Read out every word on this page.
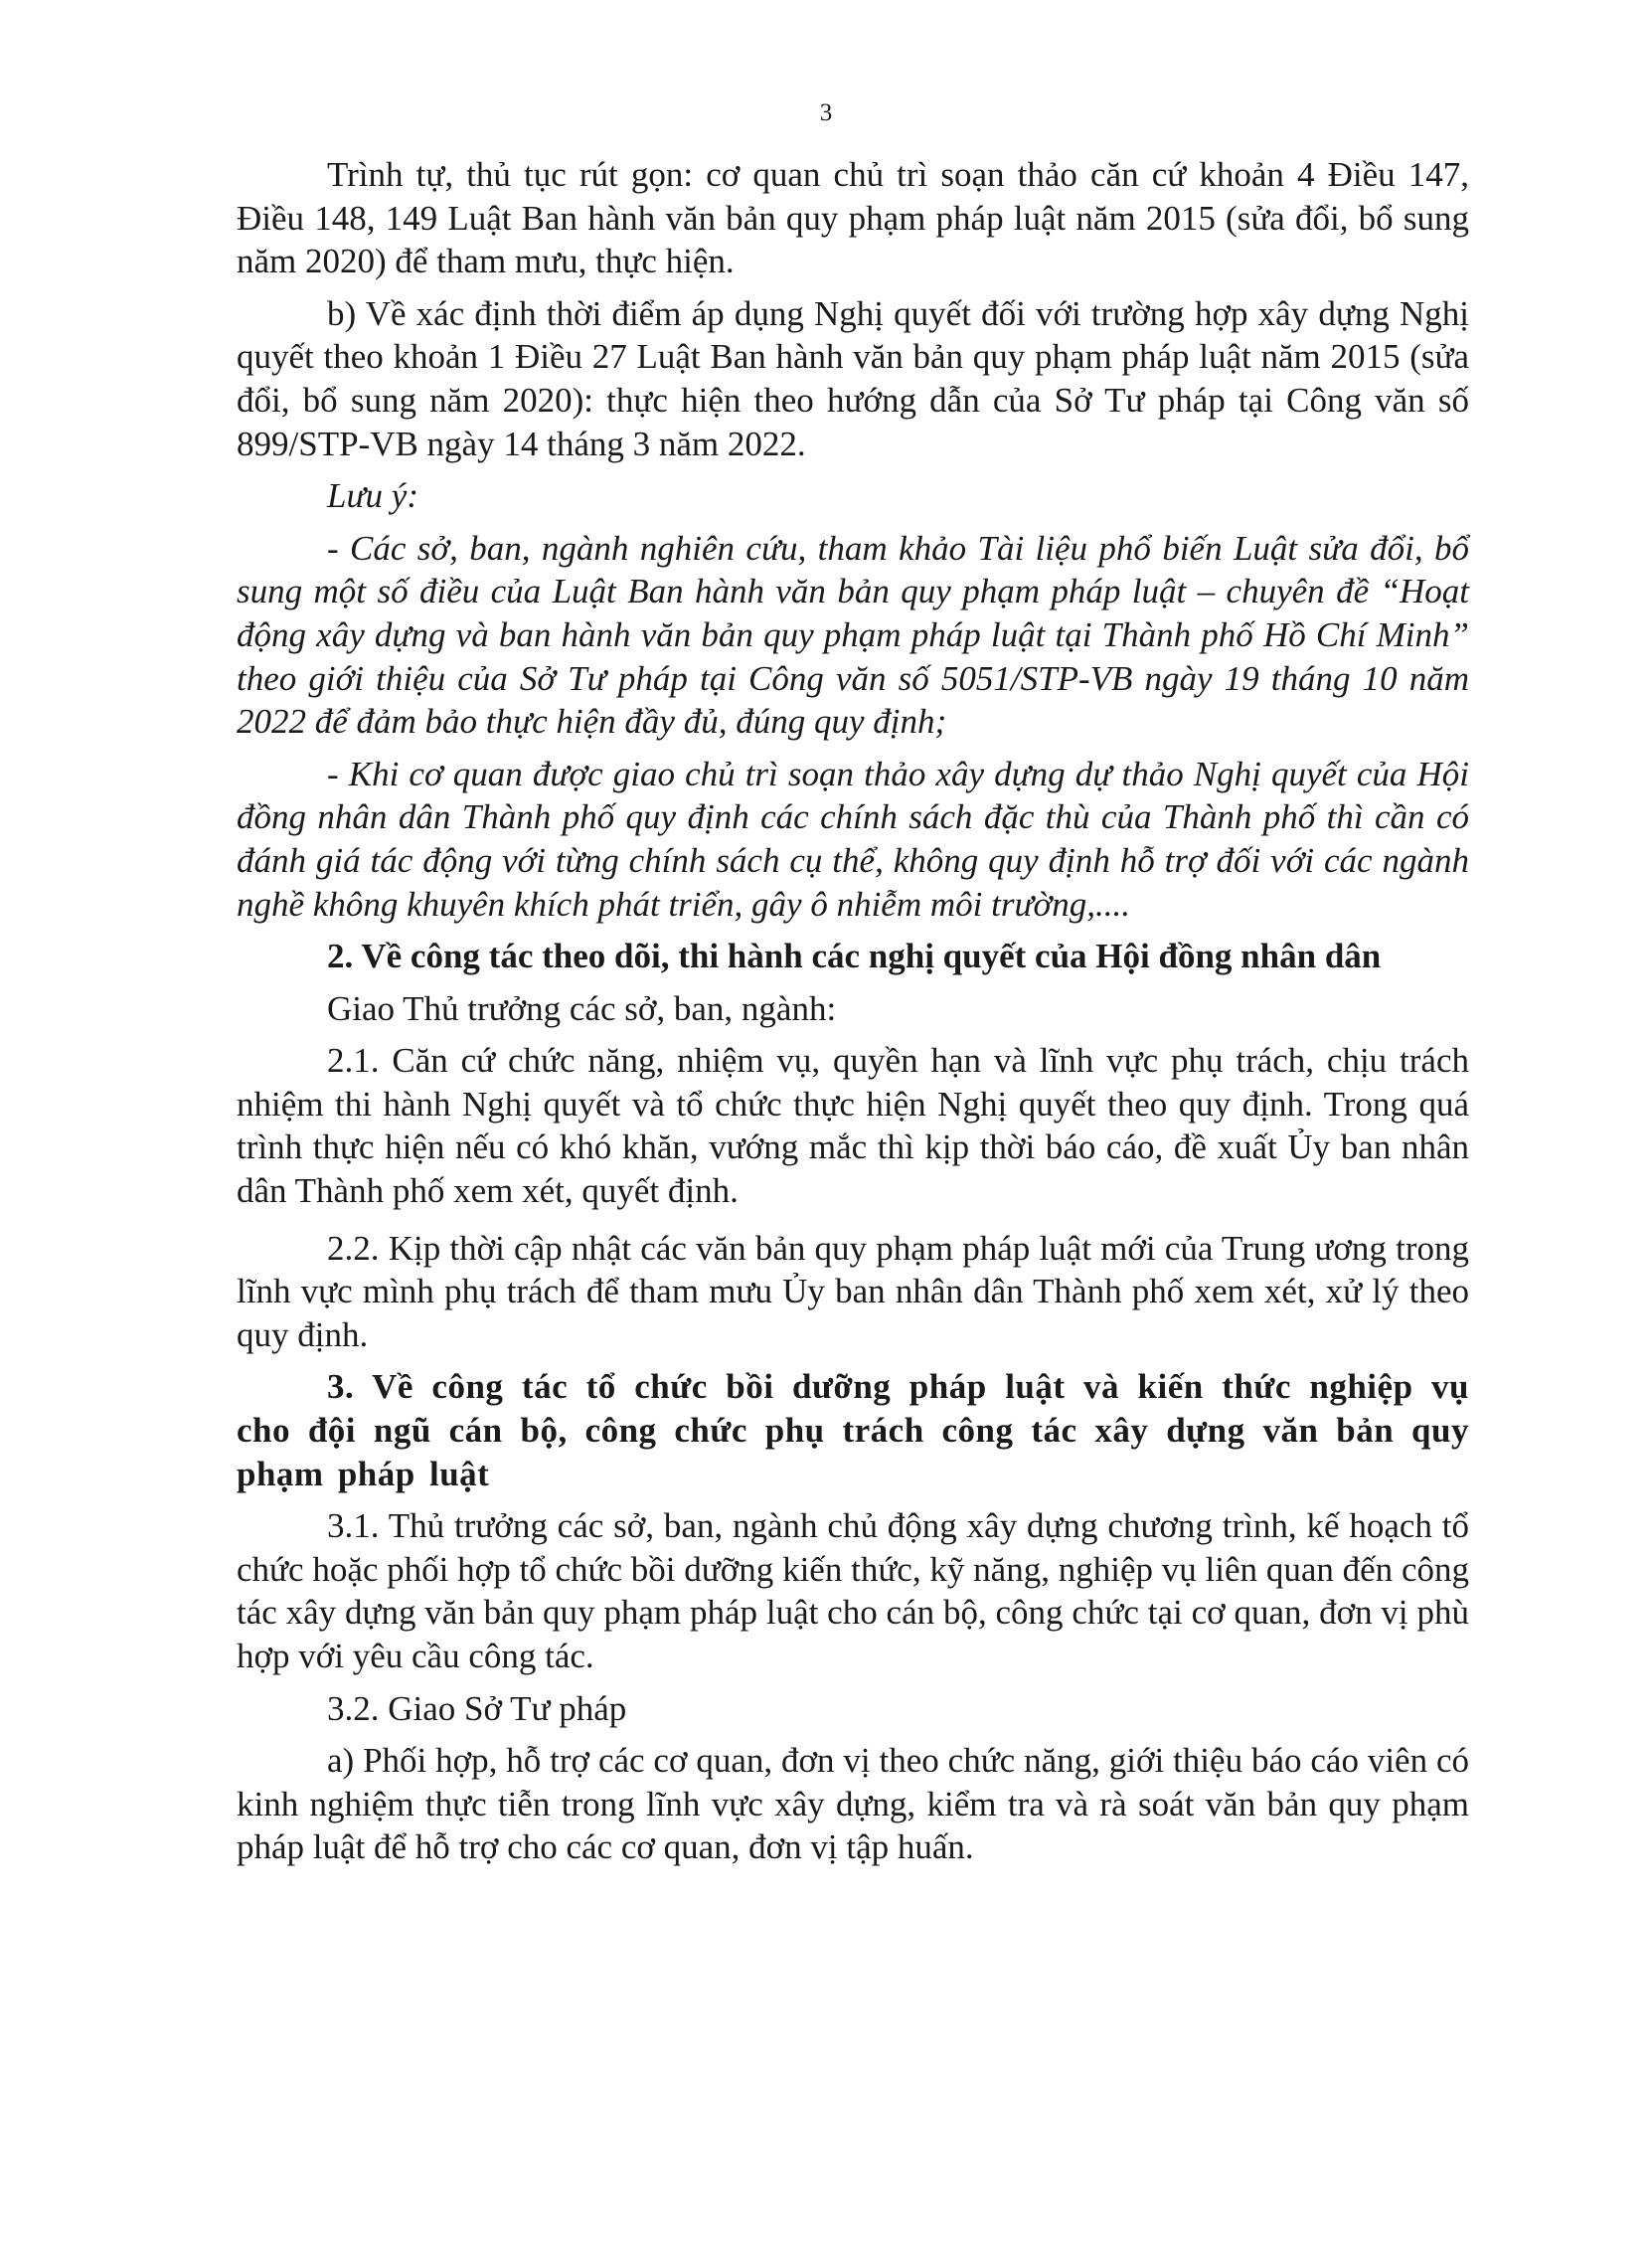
3

Trình tự, thủ tục rút gọn: cơ quan chủ trì soạn thảo căn cứ khoản 4 Điều 147, Điều 148, 149 Luật Ban hành văn bản quy phạm pháp luật năm 2015 (sửa đổi, bổ sung năm 2020) để tham mưu, thực hiện.

b) Về xác định thời điểm áp dụng Nghị quyết đối với trường hợp xây dựng Nghị quyết theo khoản 1 Điều 27 Luật Ban hành văn bản quy phạm pháp luật năm 2015 (sửa đổi, bổ sung năm 2020): thực hiện theo hướng dẫn của Sở Tư pháp tại Công văn số 899/STP-VB ngày 14 tháng 3 năm 2022.

Lưu ý:

- Các sở, ban, ngành nghiên cứu, tham khảo Tài liệu phổ biến Luật sửa đổi, bổ sung một số điều của Luật Ban hành văn bản quy phạm pháp luật – chuyên đề “Hoạt động xây dựng và ban hành văn bản quy phạm pháp luật tại Thành phố Hồ Chí Minh” theo giới thiệu của Sở Tư pháp tại Công văn số 5051/STP-VB ngày 19 tháng 10 năm 2022 để đảm bảo thực hiện đầy đủ, đúng quy định;

- Khi cơ quan được giao chủ trì soạn thảo xây dựng dự thảo Nghị quyết của Hội đồng nhân dân Thành phố quy định các chính sách đặc thù của Thành phố thì cần có đánh giá tác động với từng chính sách cụ thể, không quy định hỗ trợ đối với các ngành nghề không khuyên khích phát triển, gây ô nhiễm môi trường,....

2. Về công tác theo dõi, thi hành các nghị quyết của Hội đồng nhân dân

Giao Thủ trưởng các sở, ban, ngành:

2.1. Căn cứ chức năng, nhiệm vụ, quyền hạn và lĩnh vực phụ trách, chịu trách nhiệm thi hành Nghị quyết và tổ chức thực hiện Nghị quyết theo quy định. Trong quá trình thực hiện nếu có khó khăn, vướng mắc thì kịp thời báo cáo, đề xuất Ủy ban nhân dân Thành phố xem xét, quyết định.

2.2. Kịp thời cập nhật các văn bản quy phạm pháp luật mới của Trung ương trong lĩnh vực mình phụ trách để tham mưu Ủy ban nhân dân Thành phố xem xét, xử lý theo quy định.

3. Về công tác tổ chức bồi dưỡng pháp luật và kiến thức nghiệp vụ cho đội ngũ cán bộ, công chức phụ trách công tác xây dựng văn bản quy phạm pháp luật

3.1. Thủ trưởng các sở, ban, ngành chủ động xây dựng chương trình, kế hoạch tổ chức hoặc phối hợp tổ chức bồi dưỡng kiến thức, kỹ năng, nghiệp vụ liên quan đến công tác xây dựng văn bản quy phạm pháp luật cho cán bộ, công chức tại cơ quan, đơn vị phù hợp với yêu cầu công tác.

3.2. Giao Sở Tư pháp

a) Phối hợp, hỗ trợ các cơ quan, đơn vị theo chức năng, giới thiệu báo cáo viên có kinh nghiệm thực tiễn trong lĩnh vực xây dựng, kiểm tra và rà soát văn bản quy phạm pháp luật để hỗ trợ cho các cơ quan, đơn vị tập huấn.
